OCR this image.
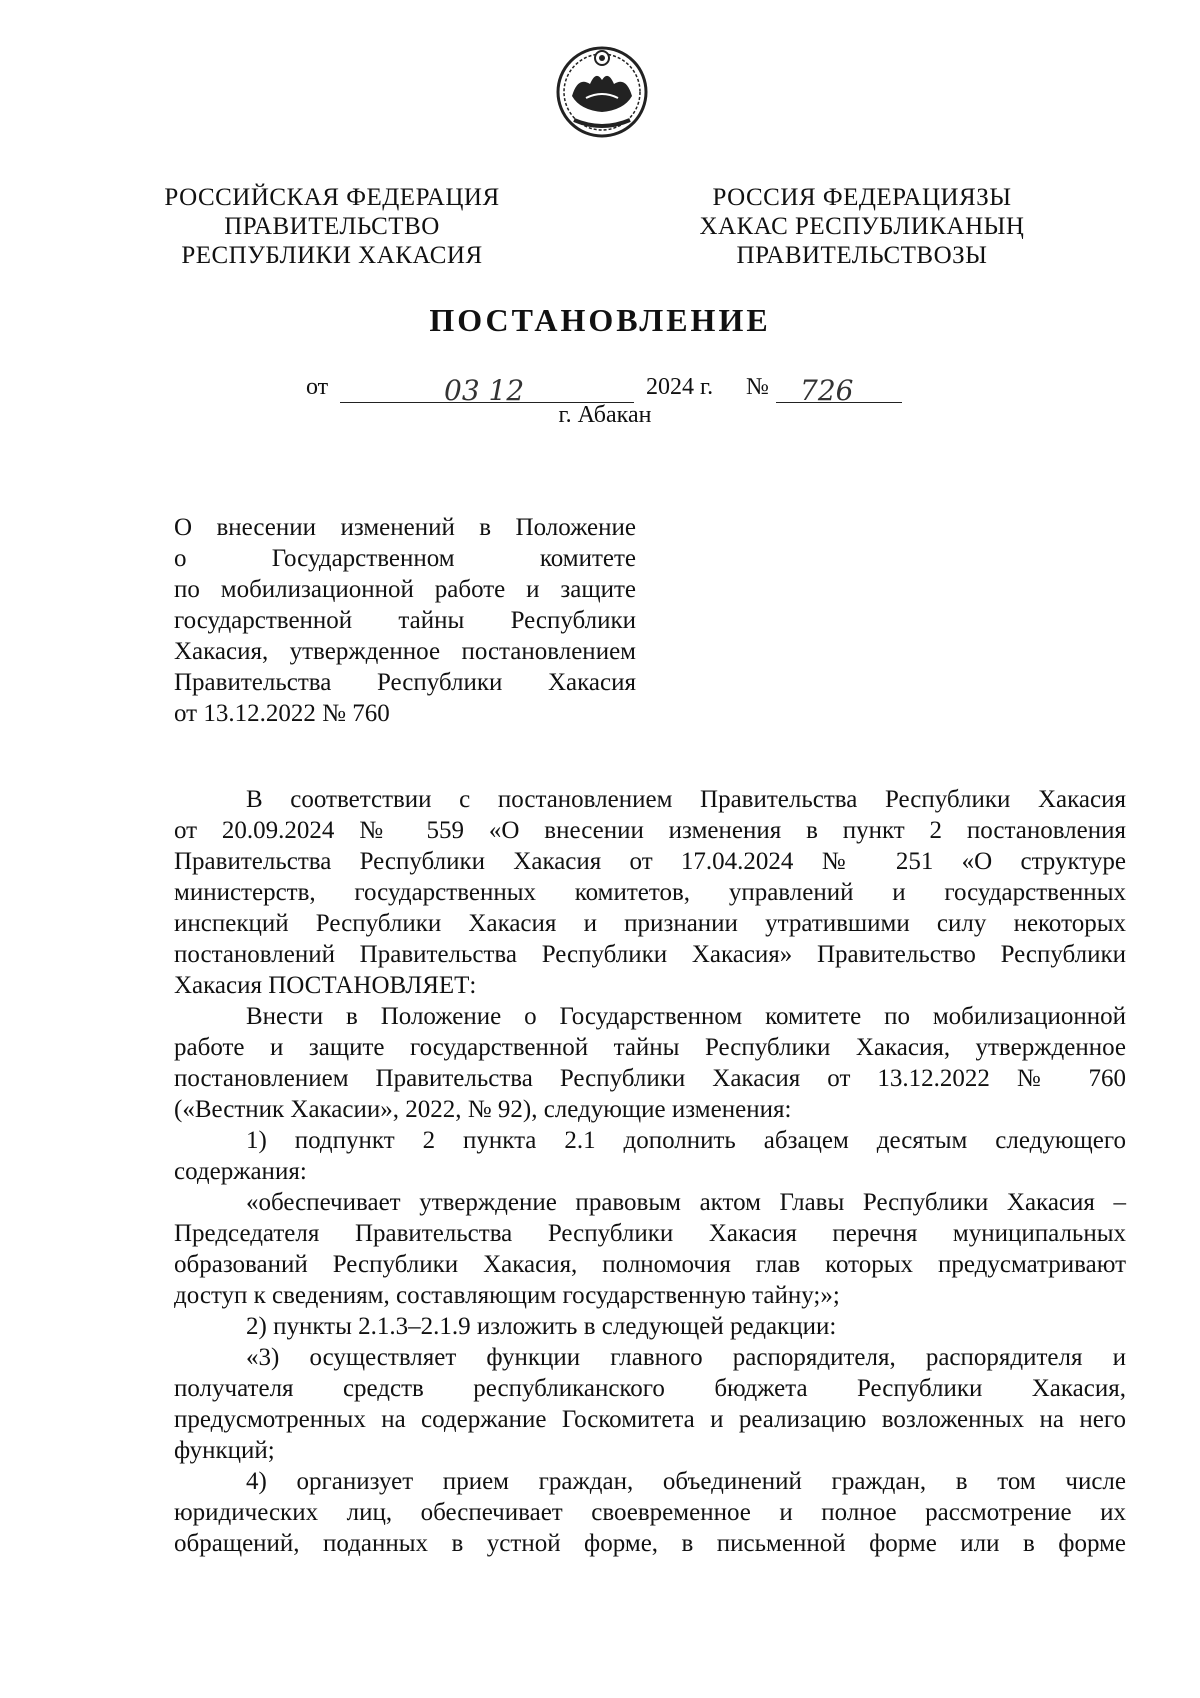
РОССИЙСКАЯ ФЕДЕРАЦИЯ
ПРАВИТЕЛЬСТВО
РЕСПУБЛИКИ ХАКАСИЯ
РОССИЯ ФЕДЕРАЦИЯЗЫ
ХАКАС РЕСПУБЛИКАНЫҢ
ПРАВИТЕЛЬСТВОЗЫ
ПОСТАНОВЛЕНИЕ
от	03 12	2024 г. № 726
г. Абакан
О внесении изменений в Положение
о Государственном комитете
по мобилизационной работе и защите
государственной тайны Республики
Хакасия, утвержденное постановлением
Правительства Республики Хакасия
от 13.12.2022 № 760
В соответствии с постановлением Правительства Республики Хакасия
от 20.09.2024 № 559 «О внесении изменения в пункт 2 постановления
Правительства Республики Хакасия от 17.04.2024 № 251 «О структуре
министерств, государственных комитетов, управлений и государственных
инспекций Республики Хакасия и признании утратившими силу некоторых
постановлений Правительства Республики Хакасия» Правительство Республики
Хакасия ПОСТАНОВЛЯЕТ:
Внести в Положение о Государственном комитете по мобилизационной
работе и защите государственной тайны Республики Хакасия, утвержденное
постановлением Правительства Республики Хакасия от 13.12.2022 № 760
(«Вестник Хакасии», 2022, № 92), следующие изменения:
1) подпункт 2 пункта 2.1 дополнить абзацем десятым следующего
содержания:
«обеспечивает утверждение правовым актом Главы Республики Хакасия –
Председателя Правительства Республики Хакасия перечня муниципальных
образований Республики Хакасия, полномочия глав которых предусматривают
доступ к сведениям, составляющим государственную тайну;»;
2) пункты 2.1.3–2.1.9 изложить в следующей редакции:
«3) осуществляет функции главного распорядителя, распорядителя и
получателя средств республиканского бюджета Республики Хакасия,
предусмотренных на содержание Госкомитета и реализацию возложенных на него
функций;
4) организует прием граждан, объединений граждан, в том числе
юридических лиц, обеспечивает своевременное и полное рассмотрение их
обращений, поданных в устной форме, в письменной форме или в форме
